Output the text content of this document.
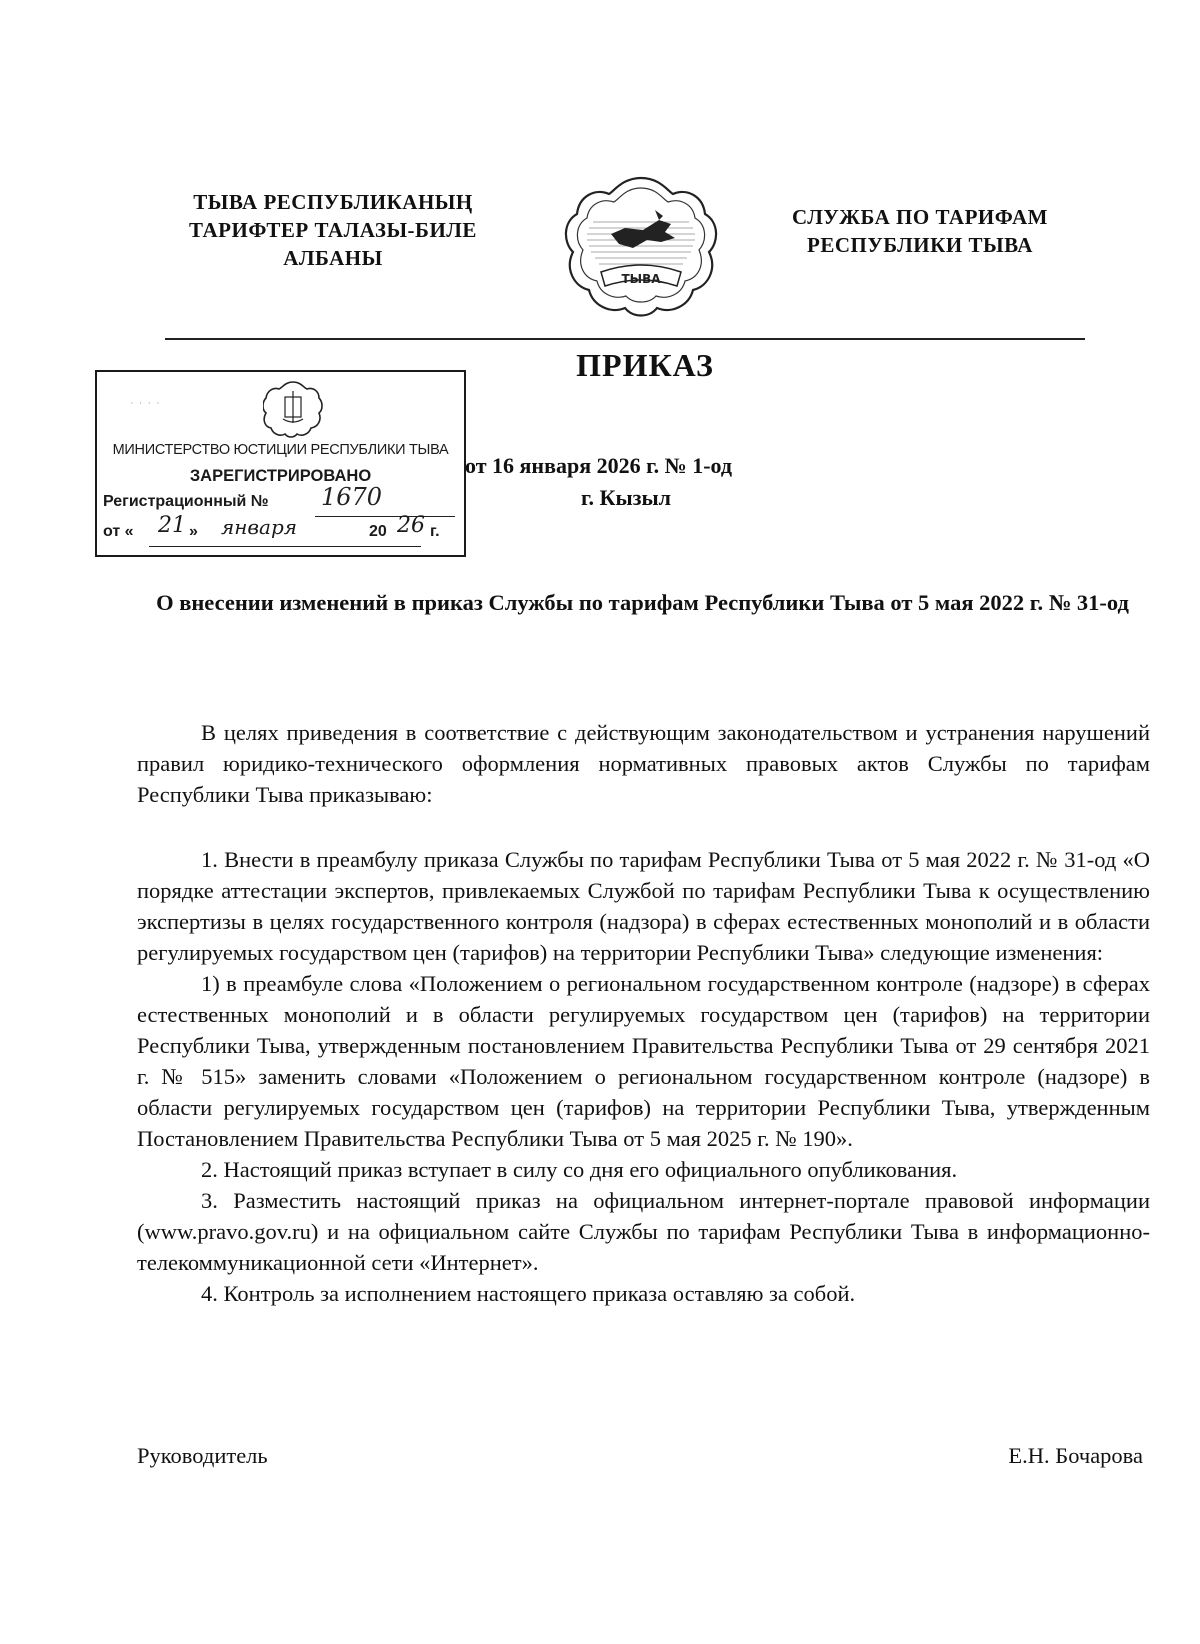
ТЫВА РЕСПУБЛИКАНЫҢ
ТАРИФТЕР ТАЛАЗЫ-БИЛЕ
АЛБАНЫ
ТЫВА
СЛУЖБА ПО ТАРИФАМ
РЕСПУБЛИКИ ТЫВА
ПРИКАЗ
· · · ·
МИНИСТЕРСТВО ЮСТИЦИИ РЕСПУБЛИКИ ТЫВА
ЗАРЕГИСТРИРОВАНО
Регистрационный № 1670
от « 21 » января	20 26 г.
от 16 января 2026 г. № 1-од
г. Кызыл
О внесении изменений в приказ Службы по тарифам Республики Тыва от 5 мая 2022 г. № 31-од

В целях приведения в соответствие с действующим законодательством и устранения нарушений правил юридико-технического оформления нормативных правовых актов Службы по тарифам Республики Тыва приказываю:

1. Внести в преамбулу приказа Службы по тарифам Республики Тыва от 5 мая 2022 г. № 31-од «О порядке аттестации экспертов, привлекаемых Службой по тарифам Республики Тыва к осуществлению экспертизы в целях государственного контроля (надзора) в сферах естественных монополий и в области регулируемых государством цен (тарифов) на территории Республики Тыва» следующие изменения:

1) в преамбуле слова «Положением о региональном государственном контроле (надзоре) в сферах естественных монополий и в области регулируемых государством цен (тарифов) на территории Республики Тыва, утвержденным постановлением Правительства Республики Тыва от 29 сентября 2021 г. № 515» заменить словами «Положением о региональном государственном контроле (надзоре) в области регулируемых государством цен (тарифов) на территории Республики Тыва, утвержденным Постановлением Правительства Республики Тыва от 5 мая 2025 г. № 190».

2. Настоящий приказ вступает в силу со дня его официального опубликования.

3. Разместить настоящий приказ на официальном интернет-портале правовой информации (www.pravo.gov.ru) и на официальном сайте Службы по тарифам Республики Тыва в информационно-телекоммуникационной сети «Интернет».

4. Контроль за исполнением настоящего приказа оставляю за собой.

Руководитель	Е.Н. Бочарова
